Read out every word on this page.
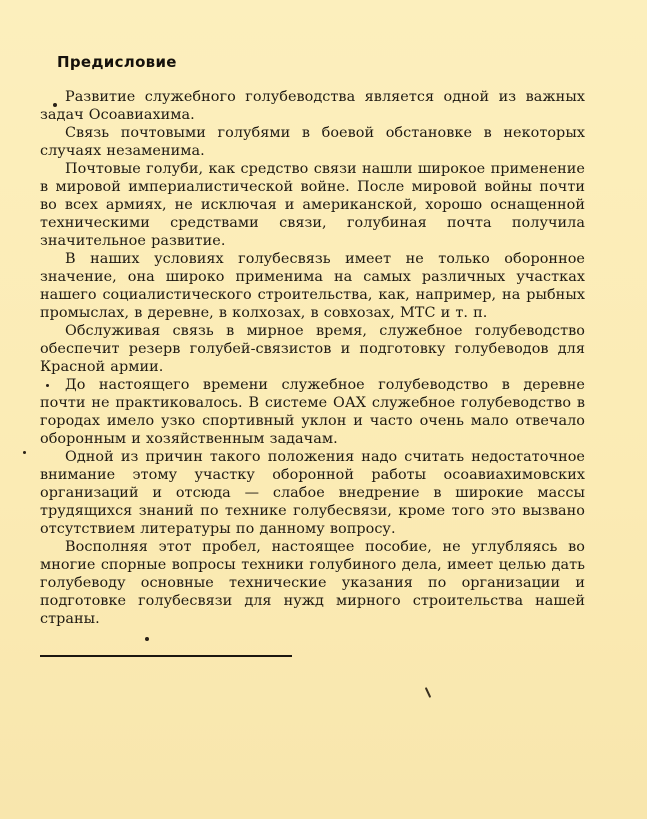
Предисловие

Развитие служебного голубеводства является одной из важных задач Осоавиахима.

Связь почтовыми голубями в боевой обстановке в некоторых случаях незаменима.

Почтовые голуби, как средство связи нашли широкое применение в мировой империалистической войне. После мировой войны почти во всех армиях, не исключая и американской, хорошо оснащенной техническими средствами связи, голубиная почта получила значительное развитие.

В наших условиях голубесвязь имеет не только оборонное значение, она широко применима на самых различных участках нашего социалистического строительства, как, например, на рыбных промыслах, в деревне, в колхозах, в совхозах, МТС и т. п.

Обслуживая связь в мирное время, служебное голубеводство обеспечит резерв голубей-связистов и подготовку голубеводов для Красной армии.

До настоящего времени служебное голубеводство в деревне почти не практиковалось. В системе ОАХ служебное голубеводство в городах имело узко спортивный уклон и часто очень мало отвечало оборонным и хозяйственным задачам.

Одной из причин такого положения надо считать недостаточное внимание этому участку оборонной работы осоавиахимовских организаций и отсюда — слабое внедрение в широкие массы трудящихся знаний по технике голубесвязи, кроме того это вызвано отсутствием литературы по данному вопросу.

Восполняя этот пробел, настоящее пособие, не углубляясь во многие спорные вопросы техники голубиного дела, имеет целью дать голубеводу основные технические указания по организации и подготовке голубесвязи для нужд мирного строительства нашей страны.
